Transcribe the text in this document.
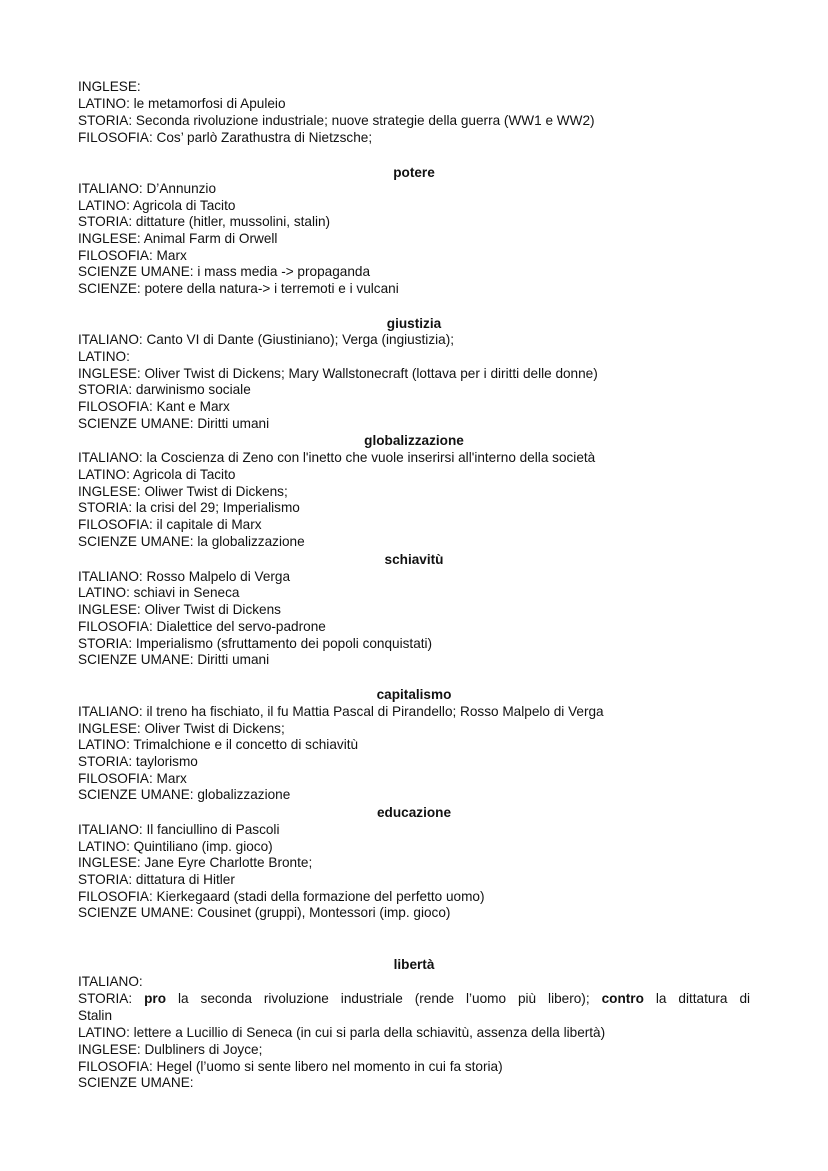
INGLESE:
LATINO: le metamorfosi di Apuleio
STORIA: Seconda rivoluzione industriale; nuove strategie della guerra (WW1 e WW2)
FILOSOFIA: Cos’ parlò Zarathustra di Nietzsche;
potere
ITALIANO: D’Annunzio
LATINO: Agricola di Tacito
STORIA: dittature (hitler, mussolini, stalin)
INGLESE: Animal Farm di Orwell
FILOSOFIA: Marx
SCIENZE UMANE: i mass media -> propaganda
SCIENZE: potere della natura-> i terremoti e i vulcani
giustizia
ITALIANO: Canto VI di Dante (Giustiniano); Verga (ingiustizia);
LATINO:
INGLESE: Oliver Twist di Dickens; Mary Wallstonecraft (lottava per i diritti delle donne)
STORIA: darwinismo sociale
FILOSOFIA: Kant e Marx
SCIENZE UMANE: Diritti umani
globalizzazione
ITALIANO: la Coscienza di Zeno con l'inetto che vuole inserirsi all'interno della società
LATINO: Agricola di Tacito
INGLESE: Oliwer Twist di Dickens;
STORIA: la crisi del 29; Imperialismo
FILOSOFIA: il capitale di Marx
SCIENZE UMANE: la globalizzazione
schiavitù
ITALIANO: Rosso Malpelo di Verga
LATINO: schiavi in Seneca
INGLESE: Oliver Twist di Dickens
FILOSOFIA: Dialettice del servo-padrone
STORIA: Imperialismo (sfruttamento dei popoli conquistati)
SCIENZE UMANE: Diritti umani
capitalismo
ITALIANO: il treno ha fischiato, il fu Mattia Pascal di Pirandello; Rosso Malpelo di Verga
INGLESE: Oliver Twist di Dickens;
LATINO: Trimalchione e il concetto di schiavitù
STORIA: taylorismo
FILOSOFIA: Marx
SCIENZE UMANE: globalizzazione
educazione
ITALIANO: Il fanciullino di Pascoli
LATINO: Quintiliano (imp. gioco)
INGLESE: Jane Eyre Charlotte Bronte;
STORIA: dittatura di Hitler
FILOSOFIA: Kierkegaard (stadi della formazione del perfetto uomo)
SCIENZE UMANE: Cousinet (gruppi), Montessori (imp. gioco)
libertà
ITALIANO:
STORIA: pro la seconda rivoluzione industriale (rende l’uomo più libero); contro la dittatura di
Stalin
LATINO: lettere a Lucillio di Seneca (in cui si parla della schiavitù, assenza della libertà)
INGLESE: Dulbliners di Joyce;
FILOSOFIA: Hegel (l’uomo si sente libero nel momento in cui fa storia)
SCIENZE UMANE:
